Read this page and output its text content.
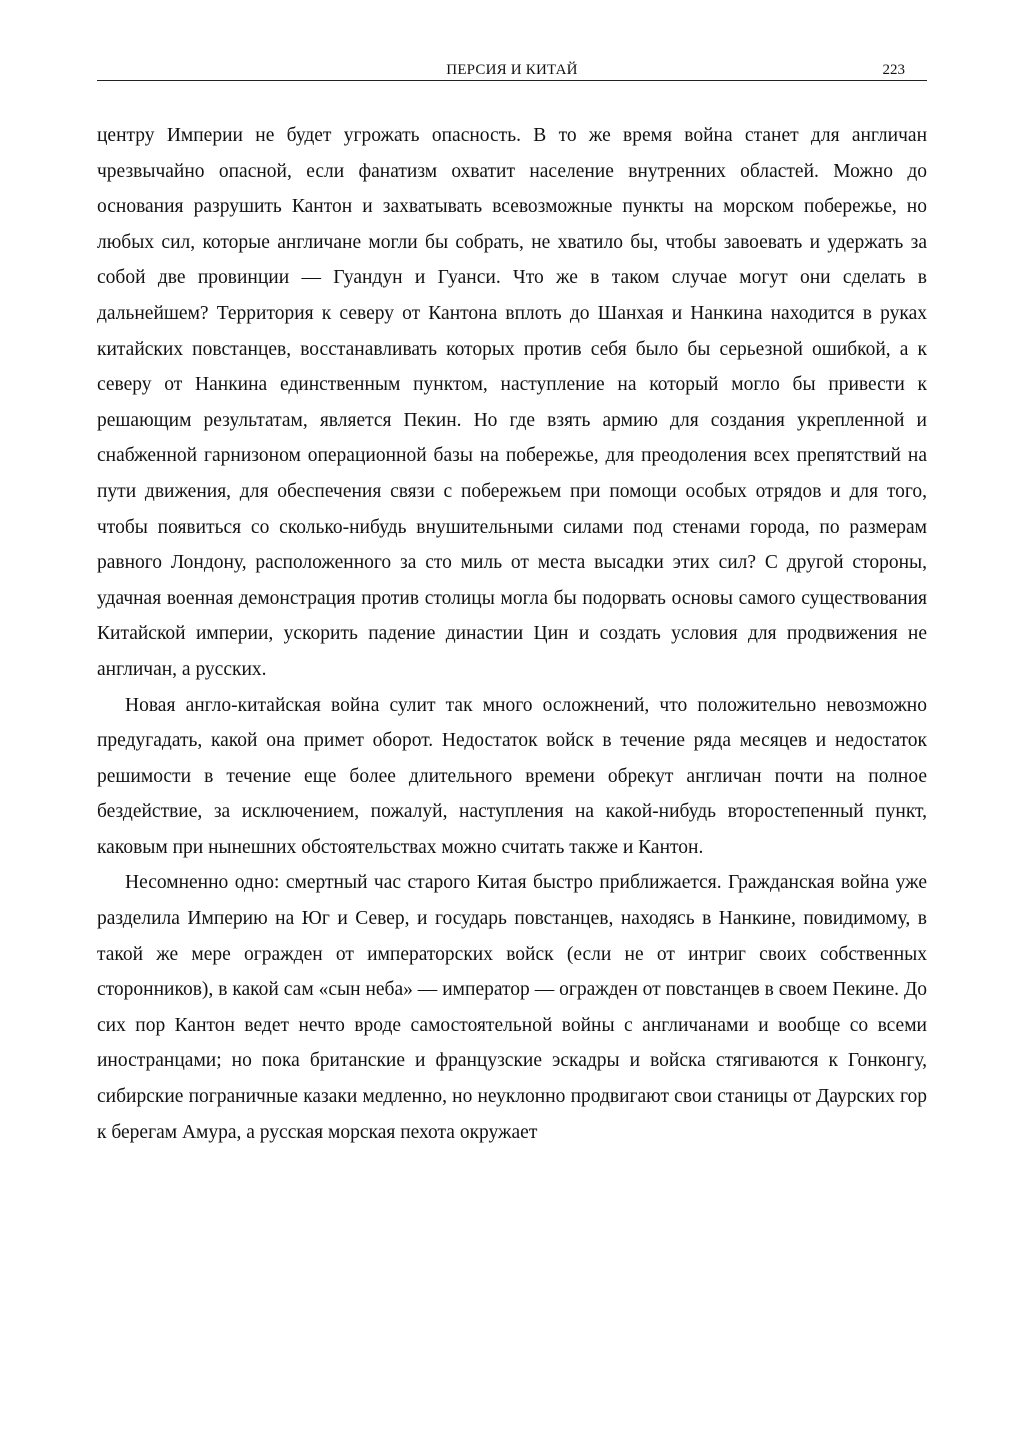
ПЕРСИЯ И КИТАЙ	223

центру Империи не будет угрожать опасность. В то же время война станет для англичан чрезвычайно опасной, если фанатизм охватит население внутренних областей. Можно до основания разрушить Кантон и захватывать всевозможные пункты на морском побережье, но любых сил, которые англичане могли бы собрать, не хватило бы, чтобы завоевать и удержать за собой две провинции — Гуандун и Гуанси. Что же в таком случае могут они сделать в дальнейшем? Территория к северу от Кантона вплоть до Шанхая и Нанкина находится в руках китайских повстанцев, восстанавливать которых против себя было бы серьезной ошибкой, а к северу от Нанкина единственным пунктом, наступление на который могло бы привести к решающим результатам, является Пекин. Но где взять армию для создания укрепленной и снабженной гарнизоном операционной базы на побережье, для преодоления всех препятствий на пути движения, для обеспечения связи с побережьем при помощи особых отрядов и для того, чтобы появиться со сколько-нибудь внушительными силами под стенами города, по размерам равного Лондону, расположенного за сто миль от места высадки этих сил? С другой стороны, удачная военная демонстрация против столицы могла бы подорвать основы самого существования Китайской империи, ускорить падение династии Цин и создать условия для продвижения не англичан, а русских.

Новая англо-китайская война сулит так много осложнений, что положительно невозможно предугадать, какой она примет оборот. Недостаток войск в течение ряда месяцев и недостаток решимости в течение еще более длительного времени обрекут англичан почти на полное бездействие, за исключением, пожалуй, наступления на какой-нибудь второстепенный пункт, каковым при нынешних обстоятельствах можно считать также и Кантон.

Несомненно одно: смертный час старого Китая быстро приближается. Гражданская война уже разделила Империю на Юг и Север, и государь повстанцев, находясь в Нанкине, повидимому, в такой же мере огражден от императорских войск (если не от интриг своих собственных сторонников), в какой сам «сын неба» — император — огражден от повстанцев в своем Пекине. До сих пор Кантон ведет нечто вроде самостоятельной войны с англичанами и вообще со всеми иностранцами; но пока британские и французские эскадры и войска стягиваются к Гонконгу, сибирские пограничные казаки медленно, но неуклонно продвигают свои станицы от Даурских гор к берегам Амура, а русская морская пехота окружает
